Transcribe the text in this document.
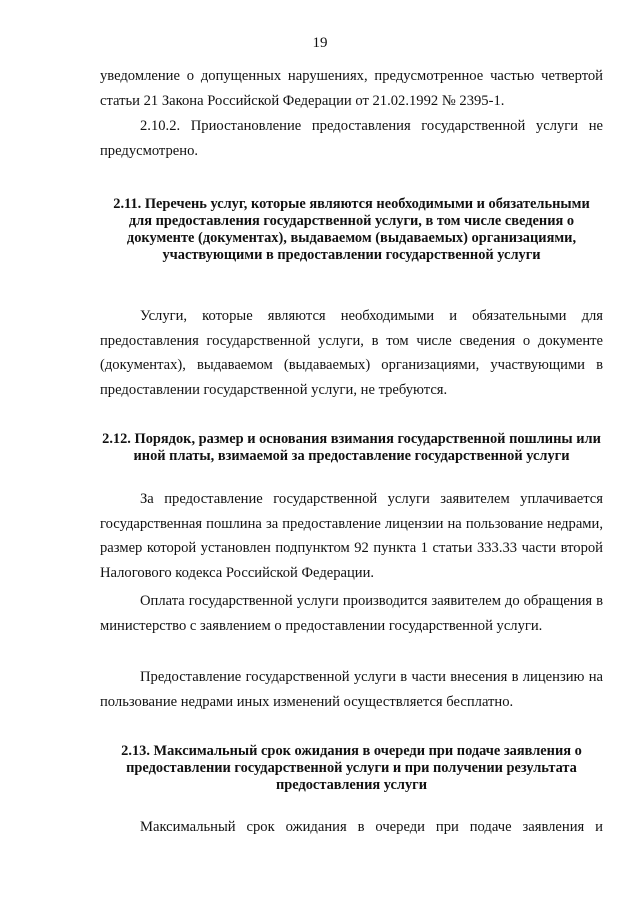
19

уведомление о допущенных нарушениях, предусмотренное частью четвертой статьи 21 Закона Российской Федерации от 21.02.1992 № 2395-1.

2.10.2. Приостановление предоставления государственной услуги не предусмотрено.

2.11. Перечень услуг, которые являются необходимыми и обязательными для предоставления государственной услуги, в том числе сведения о документе (документах), выдаваемом (выдаваемых) организациями, участвующими в предоставлении государственной услуги

Услуги, которые являются необходимыми и обязательными для предоставления государственной услуги, в том числе сведения о документе (документах), выдаваемом (выдаваемых) организациями, участвующими в предоставлении государственной услуги, не требуются.

2.12. Порядок, размер и основания взимания государственной пошлины или иной платы, взимаемой за предоставление государственной услуги

За предоставление государственной услуги заявителем уплачивается государственная пошлина за предоставление лицензии на пользование недрами, размер которой установлен подпунктом 92 пункта 1 статьи 333.33 части второй Налогового кодекса Российской Федерации.

Оплата государственной услуги производится заявителем до обращения в министерство с заявлением о предоставлении государственной услуги.

Предоставление государственной услуги в части внесения в лицензию на пользование недрами иных изменений осуществляется бесплатно.

2.13. Максимальный срок ожидания в очереди при подаче заявления о предоставлении государственной услуги и при получении результата предоставления услуги

Максимальный срок ожидания в очереди при подаче заявления и
